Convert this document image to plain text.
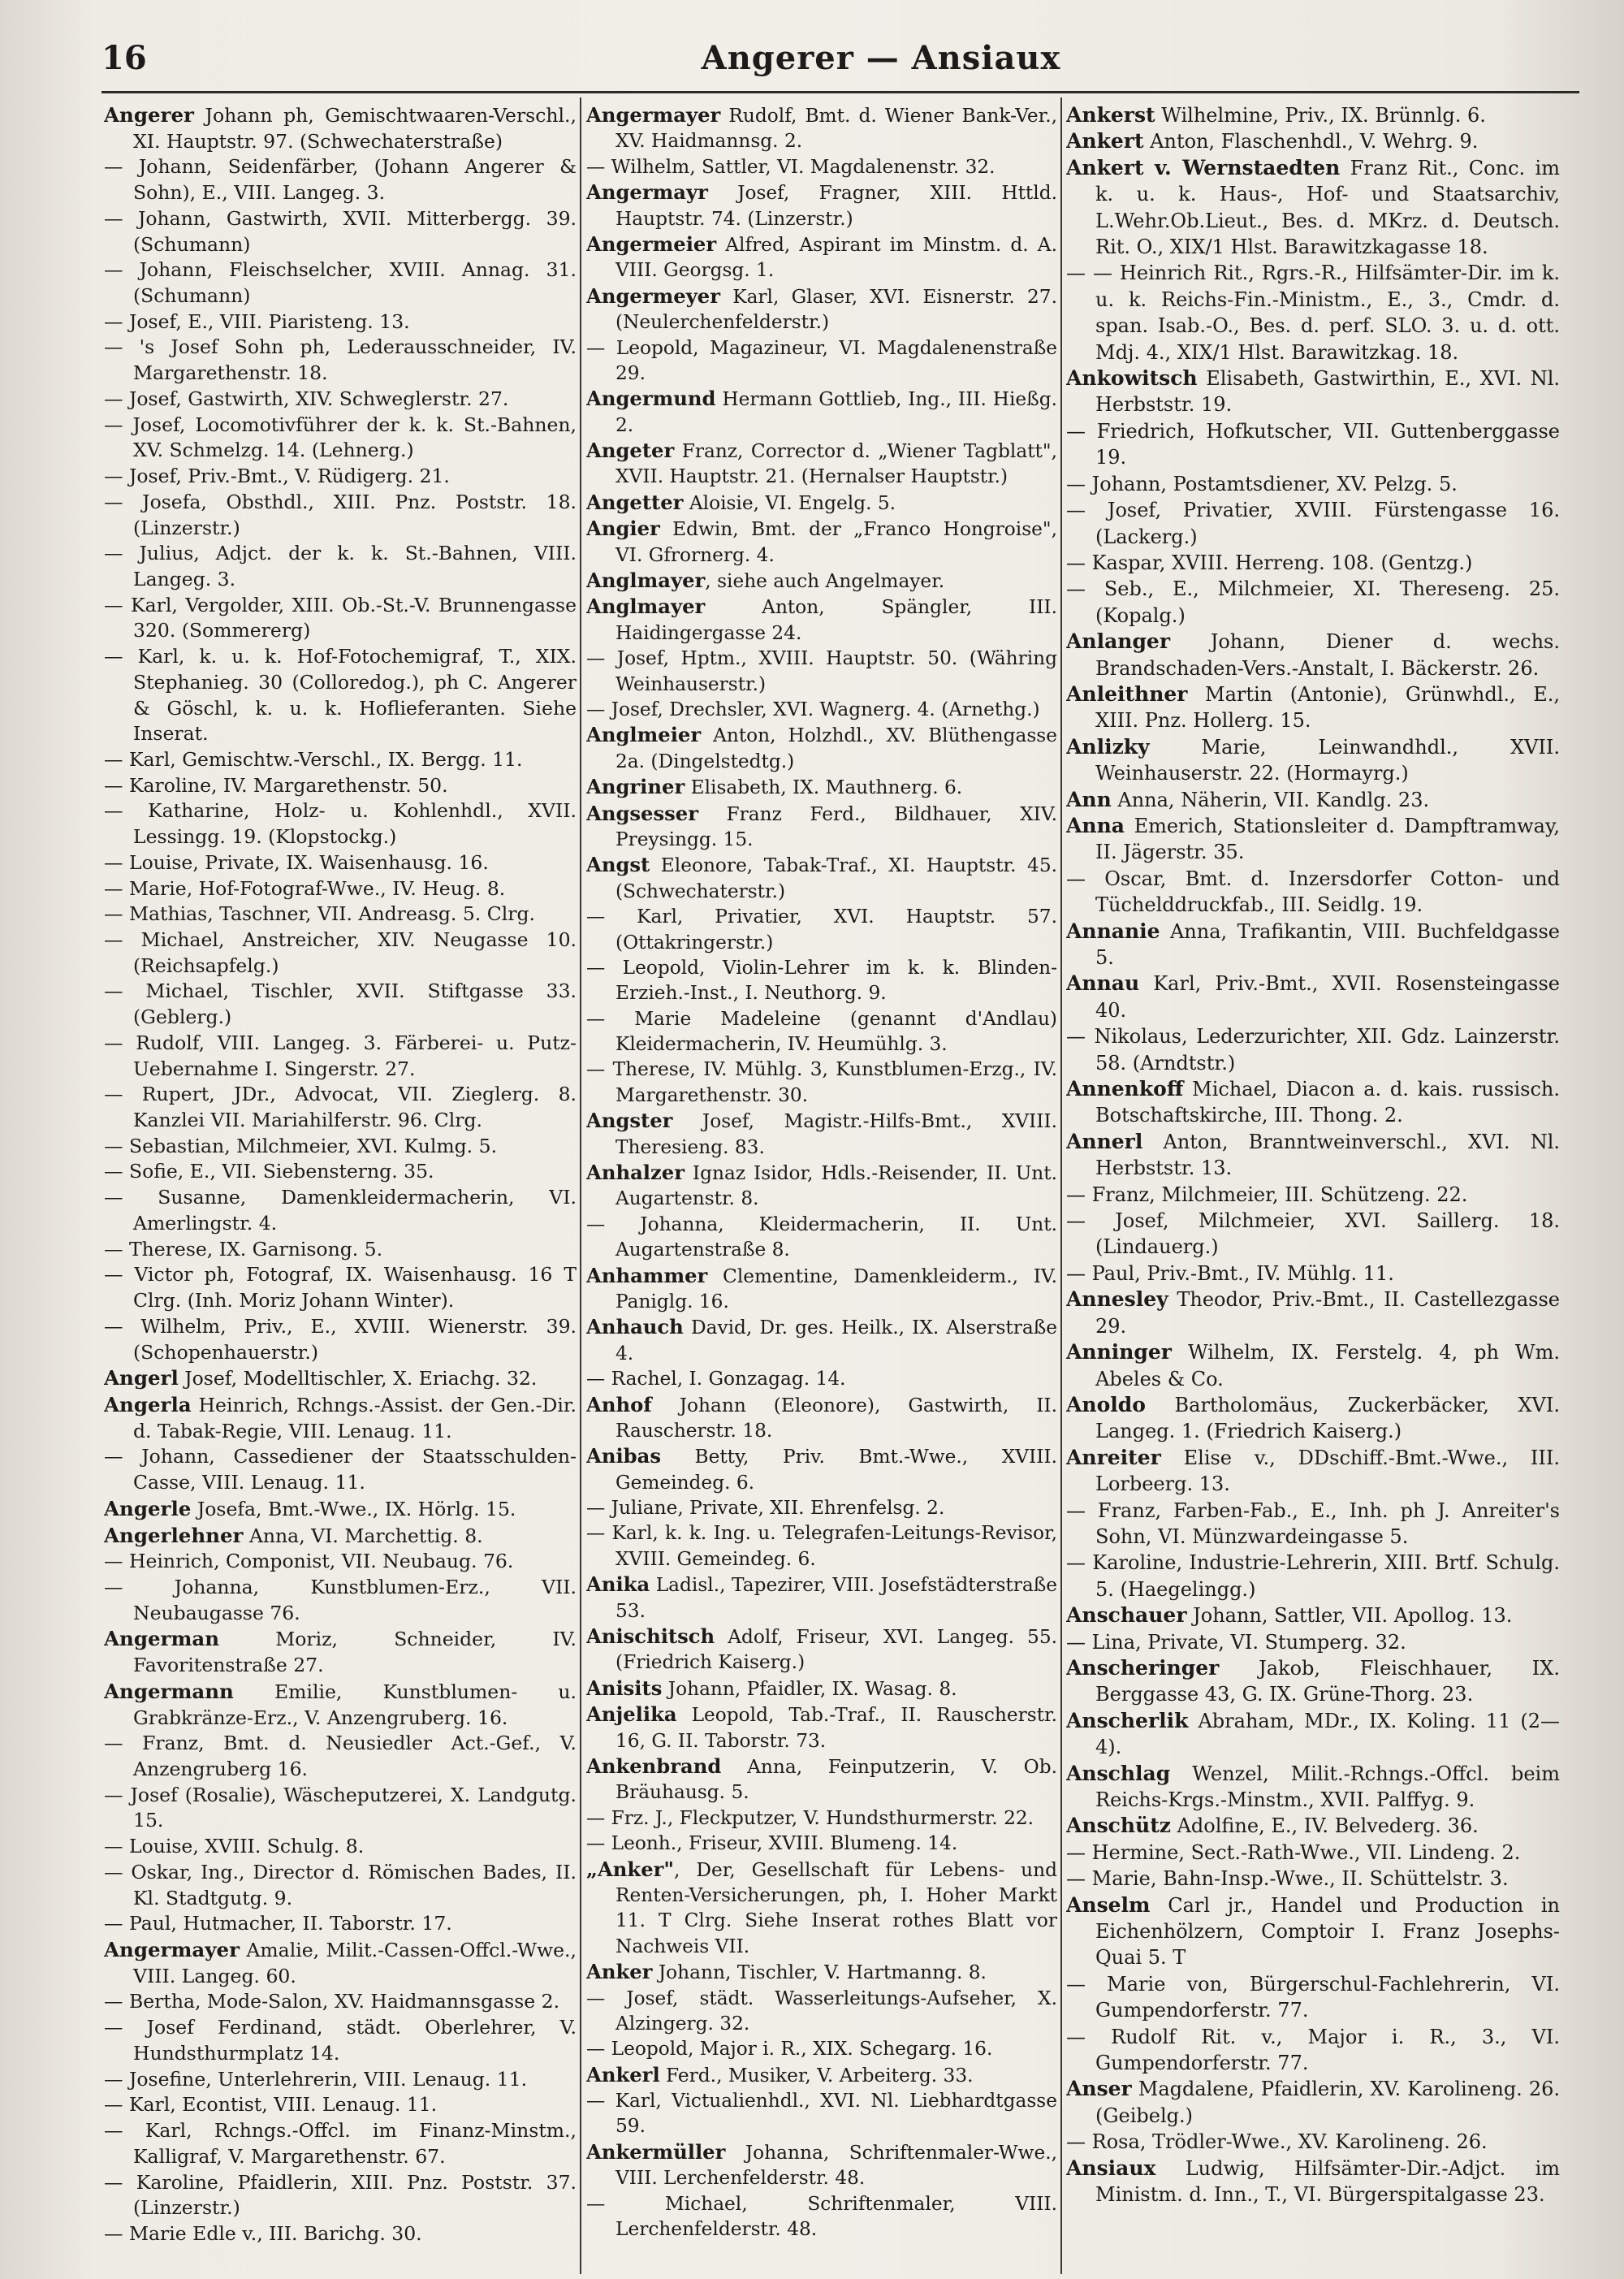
16	Angerer — Ansiaux

Angerer Johann ph, Gemischtwaaren-Verschl., XI. Hauptstr. 97. (Schwechaterstraße)

— Johann, Seidenfärber, (Johann Angerer & Sohn), E., VIII. Langeg. 3.

— Johann, Gastwirth, XVII. Mitterbergg. 39. (Schumann)

— Johann, Fleischselcher, XVIII. Annag. 31. (Schumann)

— Josef, E., VIII. Piaristeng. 13.

— 's Josef Sohn ph, Lederausschneider, IV. Margarethenstr. 18.

— Josef, Gastwirth, XIV. Schweglerstr. 27.

— Josef, Locomotivführer der k. k. St.-Bahnen, XV. Schmelzg. 14. (Lehnerg.)

— Josef, Priv.-Bmt., V. Rüdigerg. 21.

— Josefa, Obsthdl., XIII. Pnz. Poststr. 18. (Linzerstr.)

— Julius, Adjct. der k. k. St.-Bahnen, VIII. Langeg. 3.

— Karl, Vergolder, XIII. Ob.-St.-V. Brunnengasse 320. (Sommererg)

— Karl, k. u. k. Hof-Fotochemigraf, T., XIX. Stephanieg. 30 (Colloredog.), ph C. Angerer & Göschl, k. u. k. Hoflieferanten. Siehe Inserat.

— Karl, Gemischtw.-Verschl., IX. Bergg. 11.

— Karoline, IV. Margarethenstr. 50.

— Katharine, Holz- u. Kohlenhdl., XVII. Lessingg. 19. (Klopstockg.)

— Louise, Private, IX. Waisenhausg. 16.

— Marie, Hof-Fotograf-Wwe., IV. Heug. 8.

— Mathias, Taschner, VII. Andreasg. 5. Clrg.

— Michael, Anstreicher, XIV. Neugasse 10. (Reichsapfelg.)

— Michael, Tischler, XVII. Stiftgasse 33. (Geblerg.)

— Rudolf, VIII. Langeg. 3. Färberei- u. Putz-Uebernahme I. Singerstr. 27.

— Rupert, JDr., Advocat, VII. Zieglerg. 8. Kanzlei VII. Mariahilferstr. 96. Clrg.

— Sebastian, Milchmeier, XVI. Kulmg. 5.

— Sofie, E., VII. Siebensterng. 35.

— Susanne, Damenkleidermacherin, VI. Amerlingstr. 4.

— Therese, IX. Garnisong. 5.

— Victor ph, Fotograf, IX. Waisenhausg. 16 T Clrg. (Inh. Moriz Johann Winter).

— Wilhelm, Priv., E., XVIII. Wienerstr. 39. (Schopenhauerstr.)

Angerl Josef, Modelltischler, X. Eriachg. 32.

Angerla Heinrich, Rchngs.-Assist. der Gen.-Dir. d. Tabak-Regie, VIII. Lenaug. 11.

— Johann, Cassediener der Staatsschulden-Casse, VIII. Lenaug. 11.

Angerle Josefa, Bmt.-Wwe., IX. Hörlg. 15.

Angerlehner Anna, VI. Marchettig. 8.

— Heinrich, Componist, VII. Neubaug. 76.

— Johanna, Kunstblumen-Erz., VII. Neubaugasse 76.

Angerman Moriz, Schneider, IV. Favoritenstraße 27.

Angermann Emilie, Kunstblumen- u. Grabkränze-Erz., V. Anzengruberg. 16.

— Franz, Bmt. d. Neusiedler Act.-Gef., V. Anzengruberg 16.

— Josef (Rosalie), Wäscheputzerei, X. Landgutg. 15.

— Louise, XVIII. Schulg. 8.

— Oskar, Ing., Director d. Römischen Bades, II. Kl. Stadtgutg. 9.

— Paul, Hutmacher, II. Taborstr. 17.

Angermayer Amalie, Milit.-Cassen-Offcl.-Wwe., VIII. Langeg. 60.

— Bertha, Mode-Salon, XV. Haidmannsgasse 2.

— Josef Ferdinand, städt. Oberlehrer, V. Hundsthurmplatz 14.

— Josefine, Unterlehrerin, VIII. Lenaug. 11.

— Karl, Econtist, VIII. Lenaug. 11.

— Karl, Rchngs.-Offcl. im Finanz-Minstm., Kalligraf, V. Margarethenstr. 67.

— Karoline, Pfaidlerin, XIII. Pnz. Poststr. 37. (Linzerstr.)

— Marie Edle v., III. Barichg. 30.

Angermayer Rudolf, Bmt. d. Wiener Bank-Ver., XV. Haidmannsg. 2.

— Wilhelm, Sattler, VI. Magdalenenstr. 32.

Angermayr Josef, Fragner, XIII. Httld. Hauptstr. 74. (Linzerstr.)

Angermeier Alfred, Aspirant im Minstm. d. A. VIII. Georgsg. 1.

Angermeyer Karl, Glaser, XVI. Eisnerstr. 27. (Neulerchenfelderstr.)

— Leopold, Magazineur, VI. Magdalenenstraße 29.

Angermund Hermann Gottlieb, Ing., III. Hießg. 2.

Angeter Franz, Corrector d. „Wiener Tagblatt", XVII. Hauptstr. 21. (Hernalser Hauptstr.)

Angetter Aloisie, VI. Engelg. 5.

Angier Edwin, Bmt. der „Franco Hongroise", VI. Gfrornerg. 4.

Anglmayer, siehe auch Angelmayer.

Anglmayer Anton, Spängler, III. Haidingergasse 24.

— Josef, Hptm., XVIII. Hauptstr. 50. (Währing Weinhauserstr.)

— Josef, Drechsler, XVI. Wagnerg. 4. (Arnethg.)

Anglmeier Anton, Holzhdl., XV. Blüthengasse 2a. (Dingelstedtg.)

Angriner Elisabeth, IX. Mauthnerg. 6.

Angsesser Franz Ferd., Bildhauer, XIV. Preysingg. 15.

Angst Eleonore, Tabak-Traf., XI. Hauptstr. 45. (Schwechaterstr.)

— Karl, Privatier, XVI. Hauptstr. 57. (Ottakringerstr.)

— Leopold, Violin-Lehrer im k. k. Blinden-Erzieh.-Inst., I. Neuthorg. 9.

— Marie Madeleine (genannt d'Andlau) Kleidermacherin, IV. Heumühlg. 3.

— Therese, IV. Mühlg. 3, Kunstblumen-Erzg., IV. Margarethenstr. 30.

Angster Josef, Magistr.-Hilfs-Bmt., XVIII. Theresieng. 83.

Anhalzer Ignaz Isidor, Hdls.-Reisender, II. Unt. Augartenstr. 8.

— Johanna, Kleidermacherin, II. Unt. Augartenstraße 8.

Anhammer Clementine, Damenkleiderm., IV. Paniglg. 16.

Anhauch David, Dr. ges. Heilk., IX. Alserstraße 4.

— Rachel, I. Gonzagag. 14.

Anhof Johann (Eleonore), Gastwirth, II. Rauscherstr. 18.

Anibas Betty, Priv. Bmt.-Wwe., XVIII. Gemeindeg. 6.

— Juliane, Private, XII. Ehrenfelsg. 2.

— Karl, k. k. Ing. u. Telegrafen-Leitungs-Revisor, XVIII. Gemeindeg. 6.

Anika Ladisl., Tapezirer, VIII. Josefstädterstraße 53.

Anischitsch Adolf, Friseur, XVI. Langeg. 55. (Friedrich Kaiserg.)

Anisits Johann, Pfaidler, IX. Wasag. 8.

Anjelika Leopold, Tab.-Traf., II. Rauscherstr. 16, G. II. Taborstr. 73.

Ankenbrand Anna, Feinputzerin, V. Ob. Bräuhausg. 5.

— Frz. J., Fleckputzer, V. Hundsthurmerstr. 22.

— Leonh., Friseur, XVIII. Blumeng. 14.

„Anker", Der, Gesellschaft für Lebens- und Renten-Versicherungen, ph, I. Hoher Markt 11. T Clrg. Siehe Inserat rothes Blatt vor Nachweis VII.

Anker Johann, Tischler, V. Hartmanng. 8.

— Josef, städt. Wasserleitungs-Aufseher, X. Alzingerg. 32.

— Leopold, Major i. R., XIX. Schegarg. 16.

Ankerl Ferd., Musiker, V. Arbeiterg. 33.

— Karl, Victualienhdl., XVI. Nl. Liebhardtgasse 59.

Ankermüller Johanna, Schriftenmaler-Wwe., VIII. Lerchenfelderstr. 48.

— Michael, Schriftenmaler, VIII. Lerchenfelderstr. 48.

Ankerst Wilhelmine, Priv., IX. Brünnlg. 6.

Ankert Anton, Flaschenhdl., V. Wehrg. 9.

Ankert v. Wernstaedten Franz Rit., Conc. im k. u. k. Haus-, Hof- und Staatsarchiv, L.Wehr.Ob.Lieut., Bes. d. MKrz. d. Deutsch. Rit. O., XIX/1 Hlst. Barawitzkagasse 18.

— — Heinrich Rit., Rgrs.-R., Hilfsämter-Dir. im k. u. k. Reichs-Fin.-Ministm., E., 3., Cmdr. d. span. Isab.-O., Bes. d. perf. SLO. 3. u. d. ott. Mdj. 4., XIX/1 Hlst. Barawitzkag. 18.

Ankowitsch Elisabeth, Gastwirthin, E., XVI. Nl. Herbststr. 19.

— Friedrich, Hofkutscher, VII. Guttenberggasse 19.

— Johann, Postamtsdiener, XV. Pelzg. 5.

— Josef, Privatier, XVIII. Fürstengasse 16. (Lackerg.)

— Kaspar, XVIII. Herreng. 108. (Gentzg.)

— Seb., E., Milchmeier, XI. Thereseng. 25. (Kopalg.)

Anlanger Johann, Diener d. wechs. Brandschaden-Vers.-Anstalt, I. Bäckerstr. 26.

Anleithner Martin (Antonie), Grünwhdl., E., XIII. Pnz. Hollerg. 15.

Anlizky Marie, Leinwandhdl., XVII. Weinhauserstr. 22. (Hormayrg.)

Ann Anna, Näherin, VII. Kandlg. 23.

Anna Emerich, Stationsleiter d. Dampftramway, II. Jägerstr. 35.

— Oscar, Bmt. d. Inzersdorfer Cotton- und Tüchelddruckfab., III. Seidlg. 19.

Annanie Anna, Trafikantin, VIII. Buchfeldgasse 5.

Annau Karl, Priv.-Bmt., XVII. Rosensteingasse 40.

— Nikolaus, Lederzurichter, XII. Gdz. Lainzerstr. 58. (Arndtstr.)

Annenkoff Michael, Diacon a. d. kais. russisch. Botschaftskirche, III. Thong. 2.

Annerl Anton, Branntweinverschl., XVI. Nl. Herbststr. 13.

— Franz, Milchmeier, III. Schützeng. 22.

— Josef, Milchmeier, XVI. Saillerg. 18. (Lindauerg.)

— Paul, Priv.-Bmt., IV. Mühlg. 11.

Annesley Theodor, Priv.-Bmt., II. Castellezgasse 29.

Anninger Wilhelm, IX. Ferstelg. 4, ph Wm. Abeles & Co.

Anoldo Bartholomäus, Zuckerbäcker, XVI. Langeg. 1. (Friedrich Kaiserg.)

Anreiter Elise v., DDschiff.-Bmt.-Wwe., III. Lorbeerg. 13.

— Franz, Farben-Fab., E., Inh. ph J. Anreiter's Sohn, VI. Münzwardeingasse 5.

— Karoline, Industrie-Lehrerin, XIII. Brtf. Schulg. 5. (Haegelingg.)

Anschauer Johann, Sattler, VII. Apollog. 13.

— Lina, Private, VI. Stumperg. 32.

Anscheringer Jakob, Fleischhauer, IX. Berggasse 43, G. IX. Grüne-Thorg. 23.

Anscherlik Abraham, MDr., IX. Koling. 11 (2—4).

Anschlag Wenzel, Milit.-Rchngs.-Offcl. beim Reichs-Krgs.-Minstm., XVII. Palffyg. 9.

Anschütz Adolfine, E., IV. Belvederg. 36.

— Hermine, Sect.-Rath-Wwe., VII. Lindeng. 2.

— Marie, Bahn-Insp.-Wwe., II. Schüttelstr. 3.

Anselm Carl jr., Handel und Production in Eichenhölzern, Comptoir I. Franz Josephs-Quai 5. T

— Marie von, Bürgerschul-Fachlehrerin, VI. Gumpendorferstr. 77.

— Rudolf Rit. v., Major i. R., 3., VI. Gumpendorferstr. 77.

Anser Magdalene, Pfaidlerin, XV. Karolineng. 26. (Geibelg.)

— Rosa, Trödler-Wwe., XV. Karolineng. 26.

Ansiaux Ludwig, Hilfsämter-Dir.-Adjct. im Ministm. d. Inn., T., VI. Bürgerspitalgasse 23.
